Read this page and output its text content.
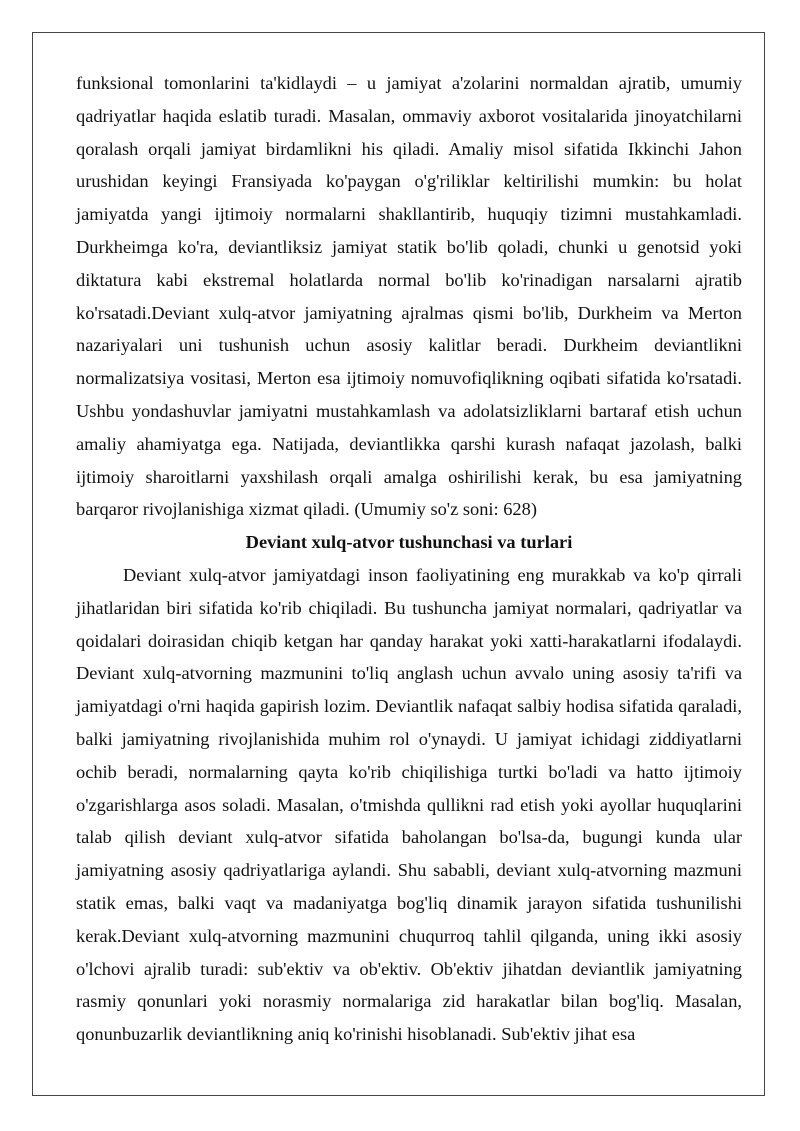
funksional tomonlarini ta'kidlaydi – u jamiyat a'zolarini normaldan ajratib, umumiy qadriyatlar haqida eslatib turadi. Masalan, ommaviy axborot vositalarida jinoyatchilarni qoralash orqali jamiyat birdamlikni his qiladi. Amaliy misol sifatida Ikkinchi Jahon urushidan keyingi Fransiyada ko'paygan o'g'riliklar keltirilishi mumkin: bu holat jamiyatda yangi ijtimoiy normalarni shakllantirib, huquqiy tizimni mustahkamladi. Durkheimga ko'ra, deviantliksiz jamiyat statik bo'lib qoladi, chunki u genotsid yoki diktatura kabi ekstremal holatlarda normal bo'lib ko'rinadigan narsalarni ajratib ko'rsatadi.Deviant xulq-atvor jamiyatning ajralmas qismi bo'lib, Durkheim va Merton nazariyalari uni tushunish uchun asosiy kalitlar beradi. Durkheim deviantlikni normalizatsiya vositasi, Merton esa ijtimoiy nomuvofiqlikning oqibati sifatida ko'rsatadi. Ushbu yondashuvlar jamiyatni mustahkamlash va adolatsizliklarni bartaraf etish uchun amaliy ahamiyatga ega. Natijada, deviantlikka qarshi kurash nafaqat jazolash, balki ijtimoiy sharoitlarni yaxshilash orqali amalga oshirilishi kerak, bu esa jamiyatning barqaror rivojlanishiga xizmat qiladi. (Umumiy so'z soni: 628)

Deviant xulq-atvor tushunchasi va turlari

Deviant xulq-atvor jamiyatdagi inson faoliyatining eng murakkab va ko'p qirrali jihatlaridan biri sifatida ko'rib chiqiladi. Bu tushuncha jamiyat normalari, qadriyatlar va qoidalari doirasidan chiqib ketgan har qanday harakat yoki xatti-harakatlarni ifodalaydi. Deviant xulq-atvorning mazmunini to'liq anglash uchun avvalo uning asosiy ta'rifi va jamiyatdagi o'rni haqida gapirish lozim. Deviantlik nafaqat salbiy hodisa sifatida qaraladi, balki jamiyatning rivojlanishida muhim rol o'ynaydi. U jamiyat ichidagi ziddiyatlarni ochib beradi, normalarning qayta ko'rib chiqilishiga turtki bo'ladi va hatto ijtimoiy o'zgarishlarga asos soladi. Masalan, o'tmishda qullikni rad etish yoki ayollar huquqlarini talab qilish deviant xulq-atvor sifatida baholangan bo'lsa-da, bugungi kunda ular jamiyatning asosiy qadriyatlariga aylandi. Shu sababli, deviant xulq-atvorning mazmuni statik emas, balki vaqt va madaniyatga bog'liq dinamik jarayon sifatida tushunilishi kerak.Deviant xulq-atvorning mazmunini chuqurroq tahlil qilganda, uning ikki asosiy o'lchovi ajralib turadi: sub'ektiv va ob'ektiv. Ob'ektiv jihatdan deviantlik jamiyatning rasmiy qonunlari yoki norasmiy normalariga zid harakatlar bilan bog'liq. Masalan, qonunbuzarlik deviantlikning aniq ko'rinishi hisoblanadi. Sub'ektiv jihat esa
